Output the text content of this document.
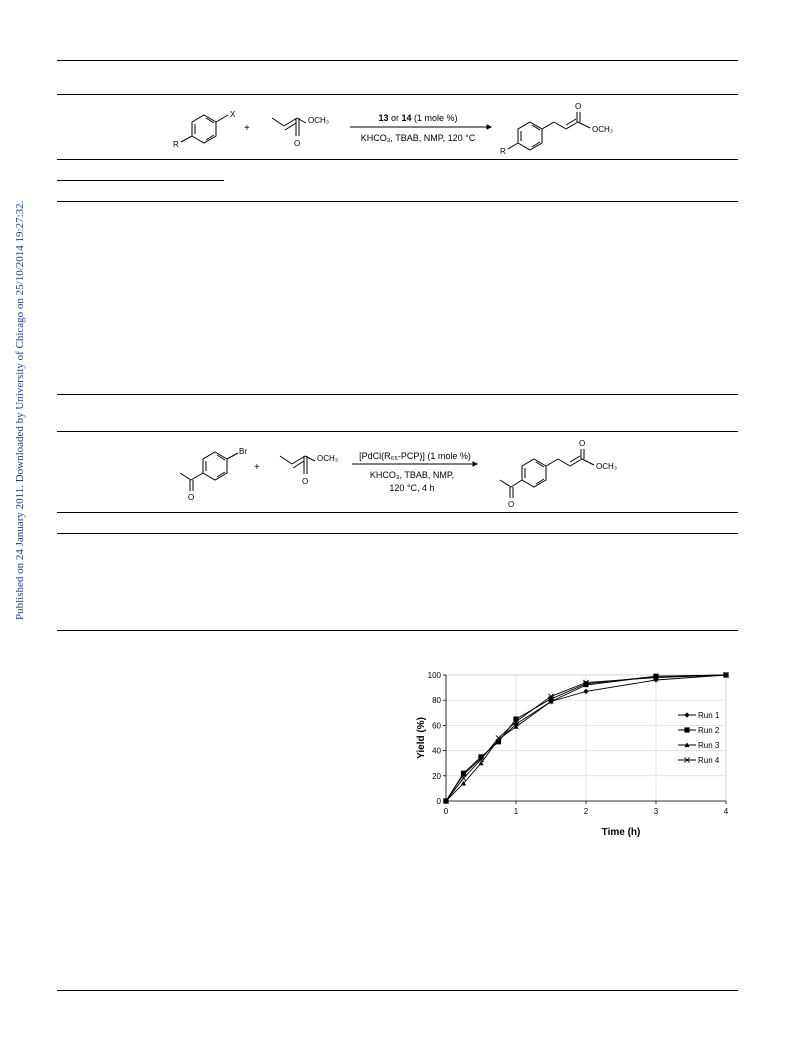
Published on 24 January 2011. Downloaded by University of Chicago on 25/10/2014 19:27:32.
X
R
+
OCH₃
O
13 or 14 (1 mole %)
KHCO₃, TBAB, NMP, 120 °C
O
OCH₃
R
Br
O
+
OCH₃
O
[PdCl(R₆₅-PCP)] (1 mole %)
KHCO₃, TBAB, NMP,
120 °C, 4 h
O
OCH₃
O
0	1	2	3	4
0
20
40
60
80
100
Run 1
Run 2
Run 3
Run 4
Time (h)
Yield (%)
